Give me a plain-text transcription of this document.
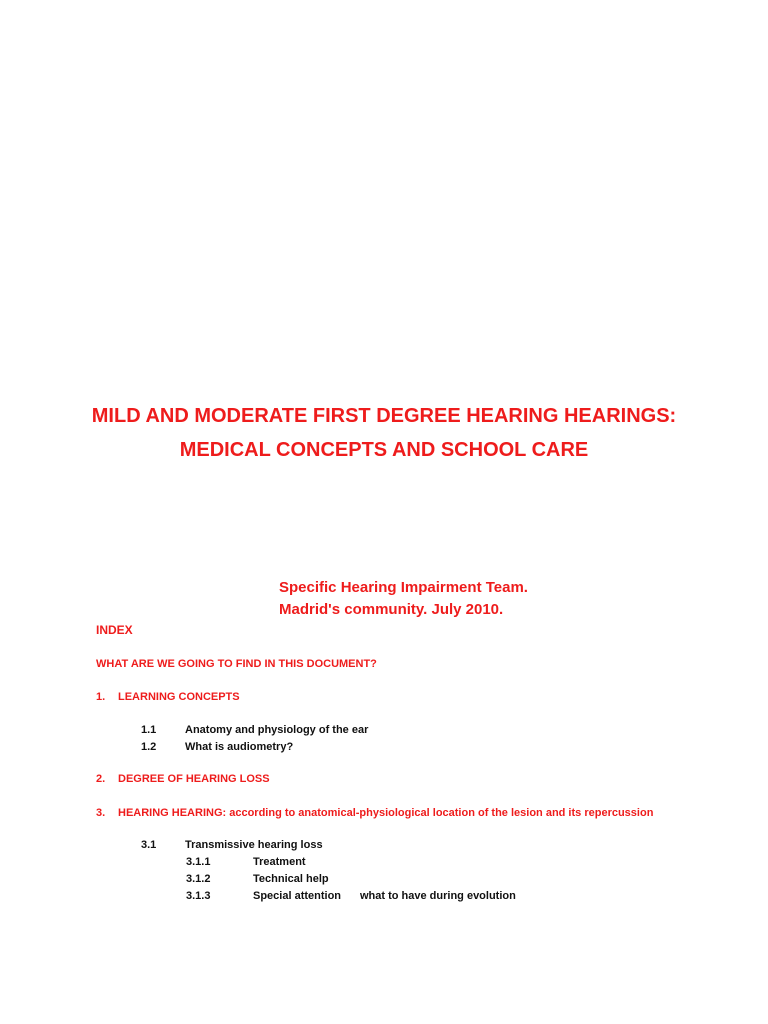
MILD AND MODERATE FIRST DEGREE HEARING HEARINGS:
MEDICAL CONCEPTS AND SCHOOL CARE
Specific Hearing Impairment Team.
Madrid's community. July 2010.
INDEX
WHAT ARE WE GOING TO FIND IN THIS DOCUMENT?
1. LEARNING CONCEPTS
1.1	Anatomy and physiology of the ear
1.2	What is audiometry?
2. DEGREE OF HEARING LOSS
3. HEARING HEARING: according to anatomical-physiological location of the lesion and its repercussion
3.1	Transmissive hearing loss
3.1.1	Treatment
3.1.2	Technical help
3.1.3	Special attention what to have during evolution
